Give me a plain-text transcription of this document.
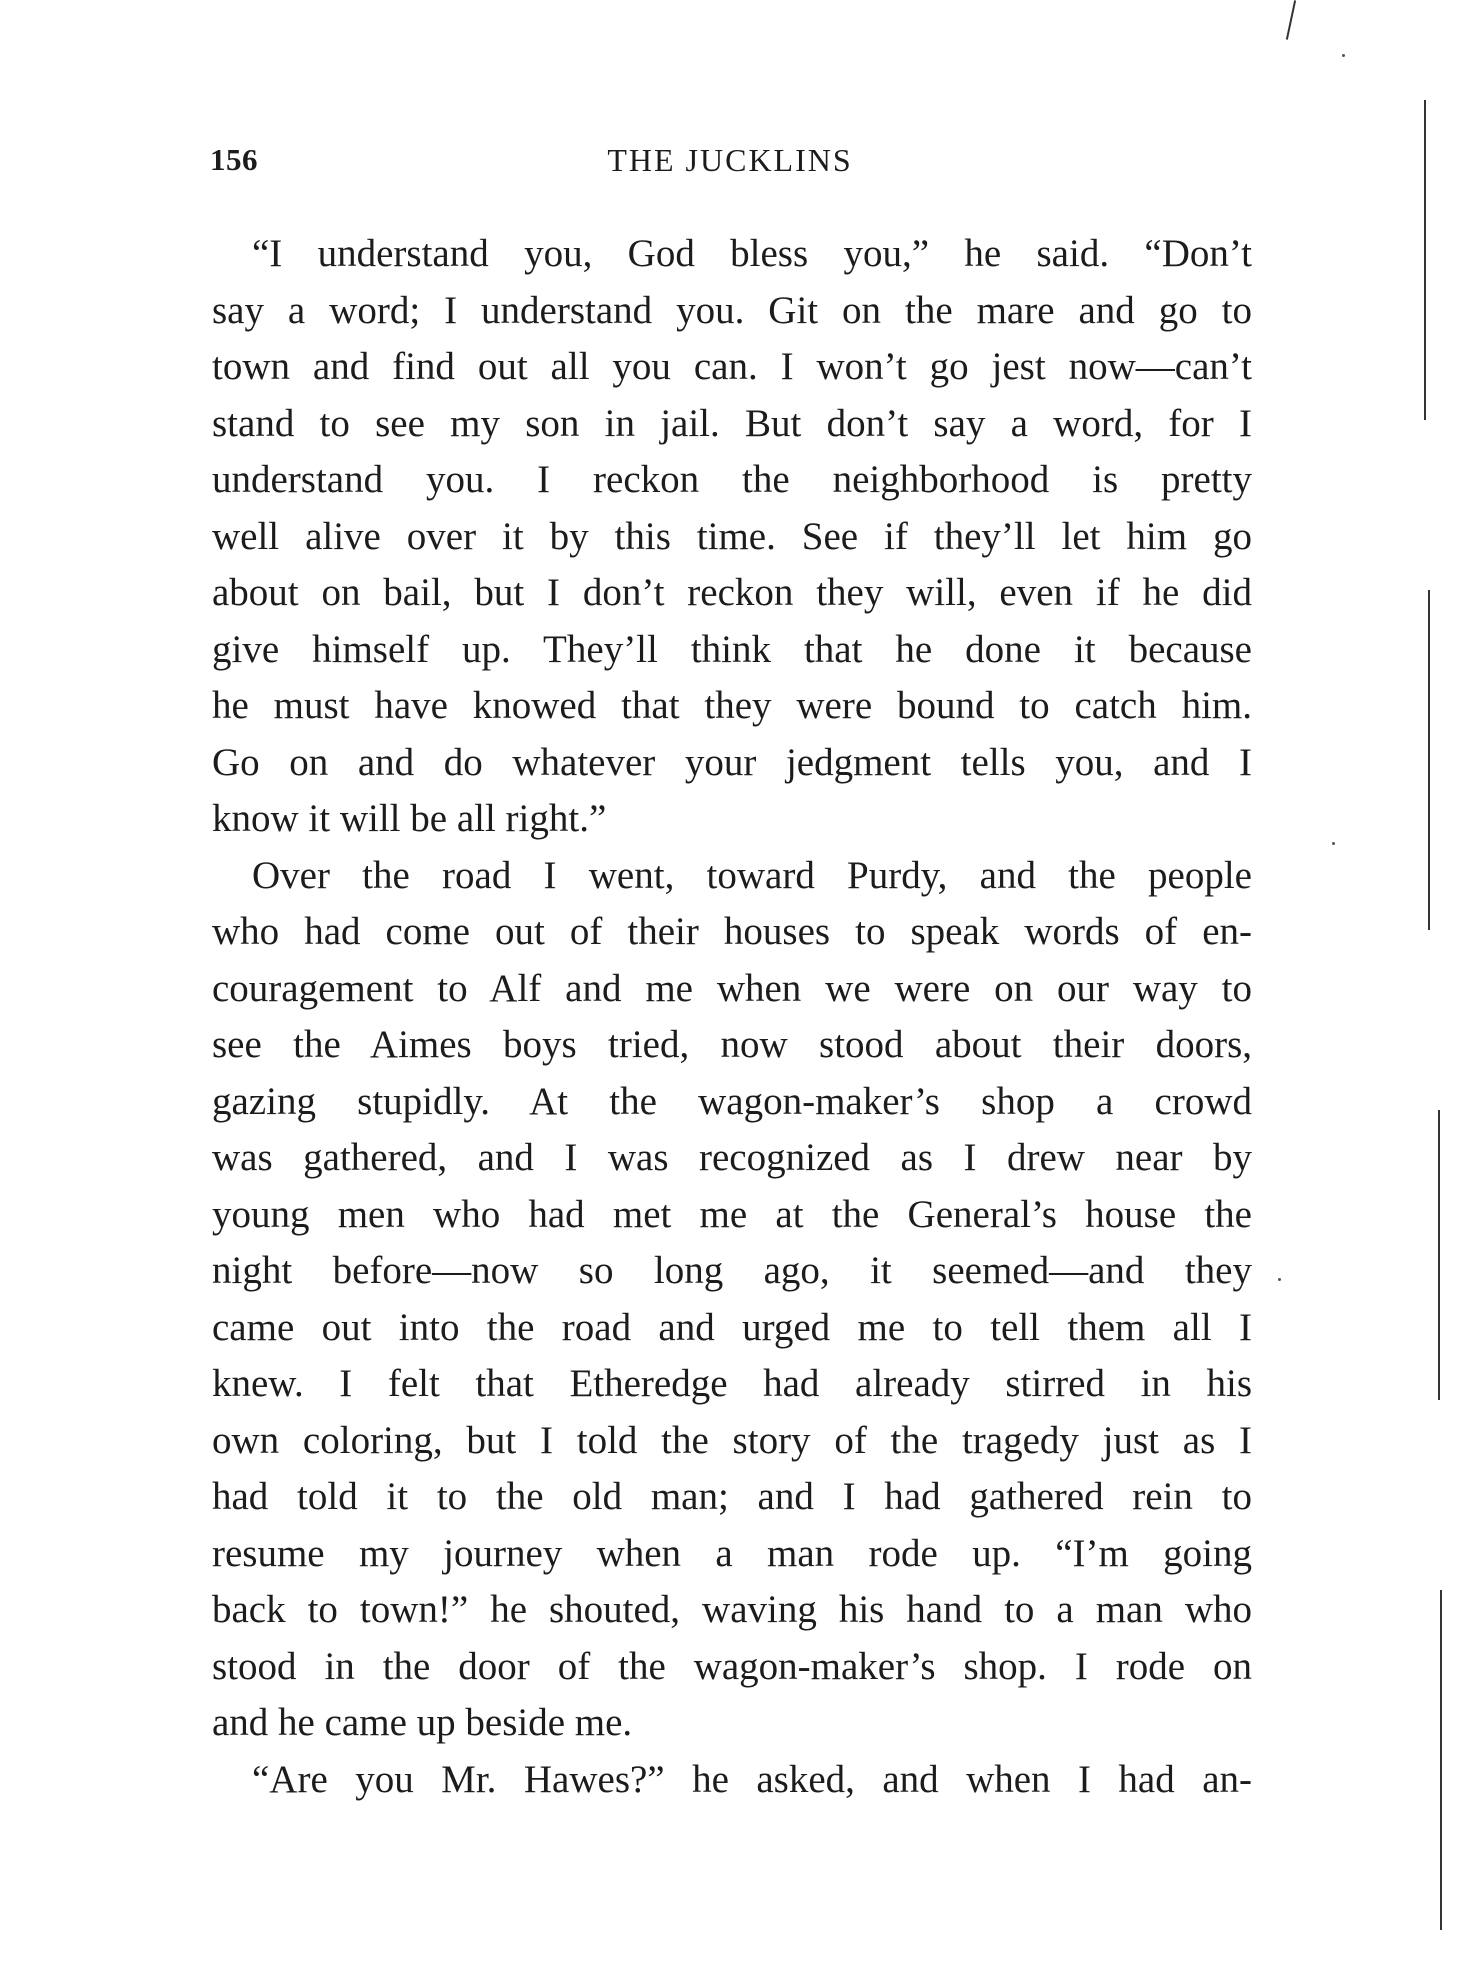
156	THE JUCKLINS

“I understand you, God bless you,” he said. “Don’t
say a word; I understand you. Git on the mare and go to
town and find out all you can. I won’t go jest now—can’t
stand to see my son in jail. But don’t say a word, for I
understand you. I reckon the neighborhood is pretty
well alive over it by this time. See if they’ll let him go
about on bail, but I don’t reckon they will, even if he did
give himself up. They’ll think that he done it because
he must have knowed that they were bound to catch him.
Go on and do whatever your jedgment tells you, and I
know it will be all right.”

Over the road I went, toward Purdy, and the people
who had come out of their houses to speak words of en-
couragement to Alf and me when we were on our way to
see the Aimes boys tried, now stood about their doors,
gazing stupidly. At the wagon-maker’s shop a crowd
was gathered, and I was recognized as I drew near by
young men who had met me at the General’s house the
night before—now so long ago, it seemed—and they
came out into the road and urged me to tell them all I
knew. I felt that Etheredge had already stirred in his
own coloring, but I told the story of the tragedy just as I
had told it to the old man; and I had gathered rein to
resume my journey when a man rode up. “I’m going
back to town!” he shouted, waving his hand to a man who
stood in the door of the wagon-maker’s shop. I rode on
and he came up beside me.

“Are you Mr. Hawes?” he asked, and when I had an-
